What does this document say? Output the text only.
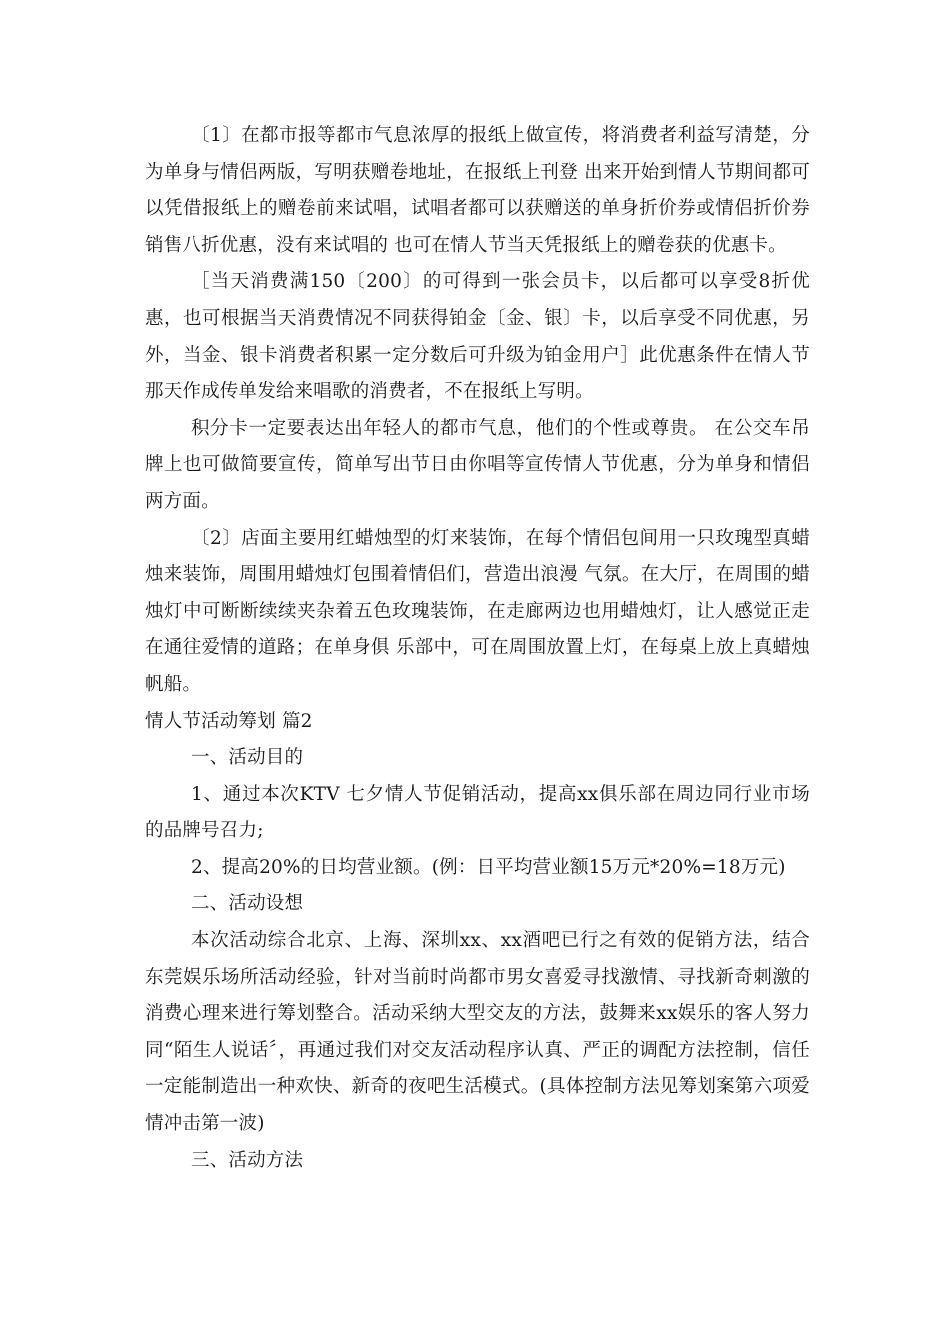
〔1〕在都市报等都市气息浓厚的报纸上做宣传，将消费者利益写清楚，分为单身与情侣两版，写明获赠卷地址，在报纸上刊登 出来开始到情人节期间都可以凭借报纸上的赠卷前来试唱，试唱者都可以获赠送的单身折价券或情侣折价券销售八折优惠，没有来试唱的 也可在情人节当天凭报纸上的赠卷获的优惠卡。

［当天消费满150〔200〕的可得到一张会员卡，以后都可以享受8折优惠，也可根据当天消费情况不同获得铂金〔金、银〕卡，以后享受不同优惠，另外，当金、银卡消费者积累一定分数后可升级为铂金用户］此优惠条件在情人节那天作成传单发给来唱歌的消费者，不在报纸上写明。

积分卡一定要表达出年轻人的都市气息，他们的个性或尊贵。 在公交车吊牌上也可做简要宣传，简单写出节日由你唱等宣传情人节优惠，分为单身和情侣两方面。

〔2〕店面主要用红蜡烛型的灯来装饰，在每个情侣包间用一只玫瑰型真蜡烛来装饰，周围用蜡烛灯包围着情侣们，营造出浪漫 气氛。在大厅，在周围的蜡烛灯中可断断续续夹杂着五色玫瑰装饰，在走廊两边也用蜡烛灯，让人感觉正走在通往爱情的道路；在单身俱 乐部中，可在周围放置上灯，在每桌上放上真蜡烛帆船。

情人节活动筹划 篇2

一、活动目的

1、通过本次KTV 七夕情人节促销活动，提高xx俱乐部在周边同行业市场的品牌号召力;

2、提高20%的日均营业额。(例：日平均营业额15万元*20%=18万元)

二、活动设想

本次活动综合北京、上海、深圳xx、xx酒吧已行之有效的促销方法，结合东莞娱乐场所活动经验，针对当前时尚都市男女喜爱寻找激情、寻找新奇刺激的消费心理来进行筹划整合。活动采纳大型交友的方法，鼓舞来xx娱乐的客人努力同“陌生人说话〞，再通过我们对交友活动程序认真、严正的调配方法控制，信任一定能制造出一种欢快、新奇的夜吧生活模式。(具体控制方法见筹划案第六项爱情冲击第一波)

三、活动方法
